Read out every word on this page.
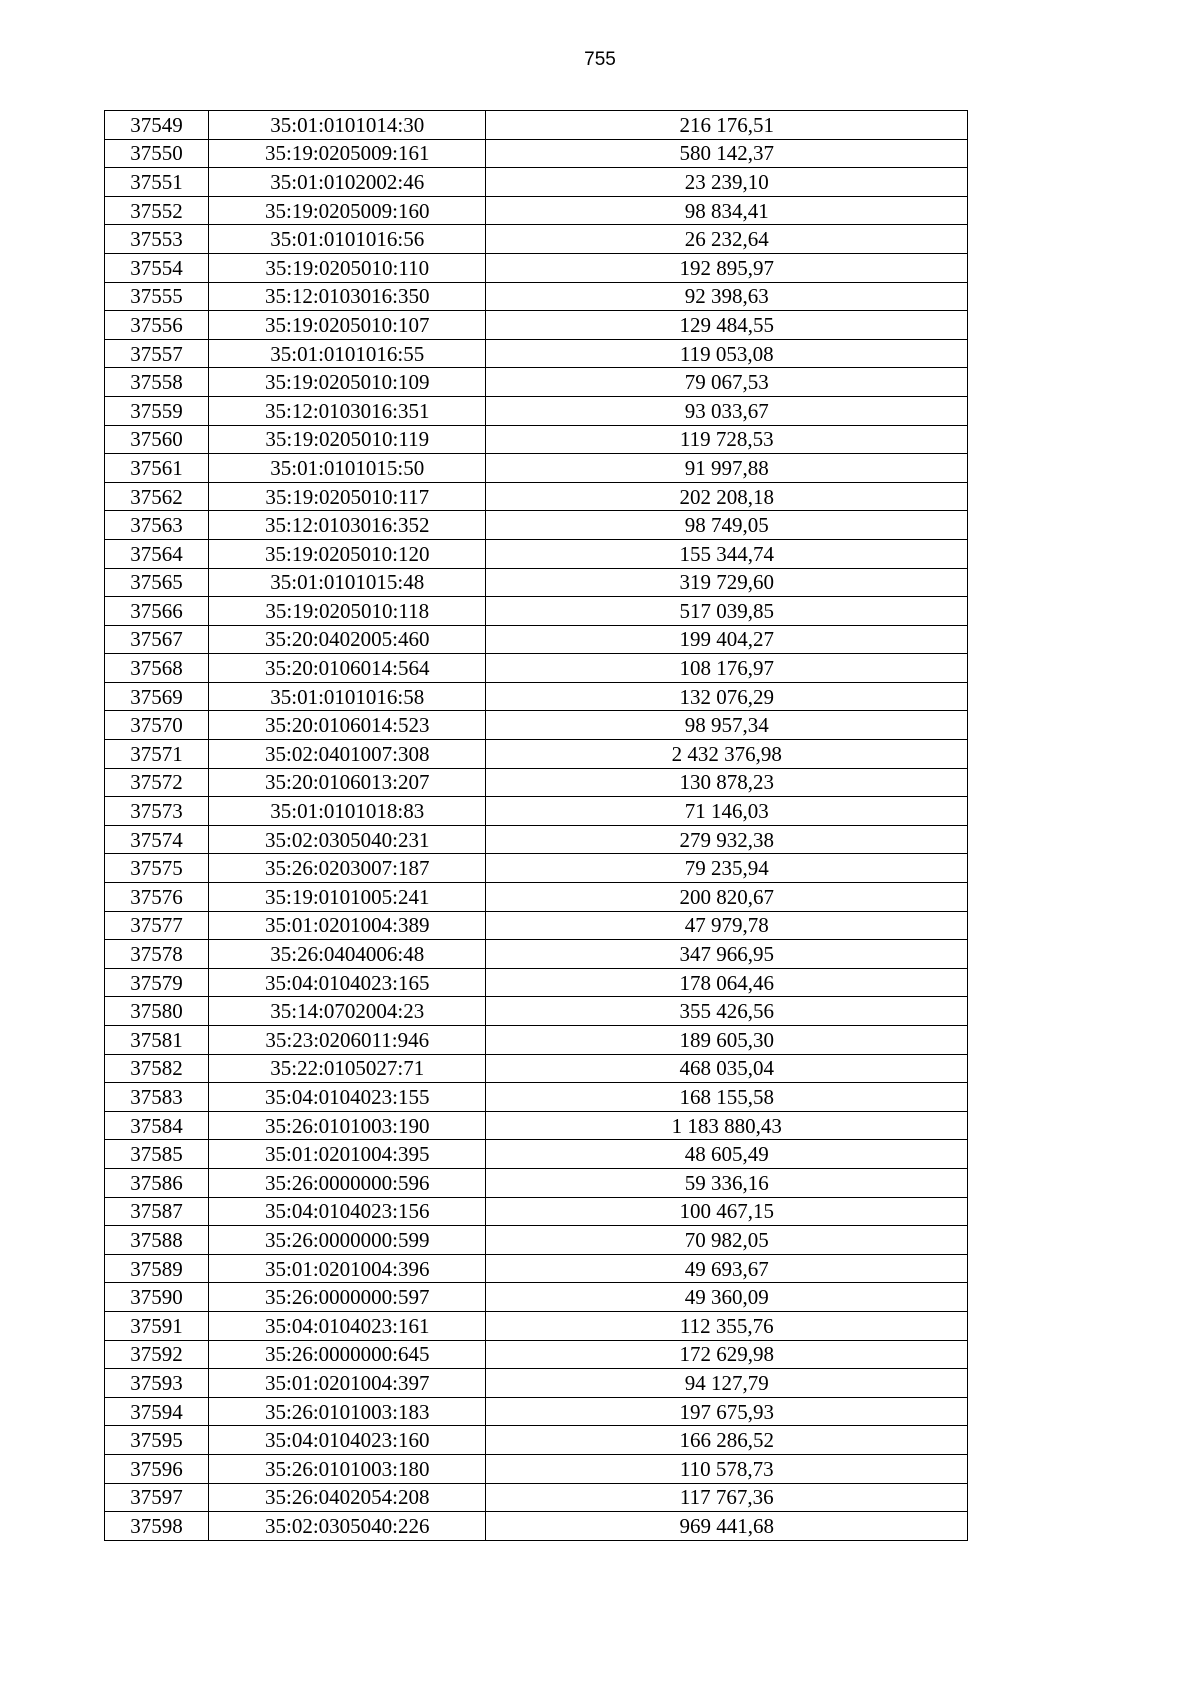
755
37549	35:01:0101014:30	216 176,51
37550	35:19:0205009:161	580 142,37
37551	35:01:0102002:46	23 239,10
37552	35:19:0205009:160	98 834,41
37553	35:01:0101016:56	26 232,64
37554	35:19:0205010:110	192 895,97
37555	35:12:0103016:350	92 398,63
37556	35:19:0205010:107	129 484,55
37557	35:01:0101016:55	119 053,08
37558	35:19:0205010:109	79 067,53
37559	35:12:0103016:351	93 033,67
37560	35:19:0205010:119	119 728,53
37561	35:01:0101015:50	91 997,88
37562	35:19:0205010:117	202 208,18
37563	35:12:0103016:352	98 749,05
37564	35:19:0205010:120	155 344,74
37565	35:01:0101015:48	319 729,60
37566	35:19:0205010:118	517 039,85
37567	35:20:0402005:460	199 404,27
37568	35:20:0106014:564	108 176,97
37569	35:01:0101016:58	132 076,29
37570	35:20:0106014:523	98 957,34
37571	35:02:0401007:308	2 432 376,98
37572	35:20:0106013:207	130 878,23
37573	35:01:0101018:83	71 146,03
37574	35:02:0305040:231	279 932,38
37575	35:26:0203007:187	79 235,94
37576	35:19:0101005:241	200 820,67
37577	35:01:0201004:389	47 979,78
37578	35:26:0404006:48	347 966,95
37579	35:04:0104023:165	178 064,46
37580	35:14:0702004:23	355 426,56
37581	35:23:0206011:946	189 605,30
37582	35:22:0105027:71	468 035,04
37583	35:04:0104023:155	168 155,58
37584	35:26:0101003:190	1 183 880,43
37585	35:01:0201004:395	48 605,49
37586	35:26:0000000:596	59 336,16
37587	35:04:0104023:156	100 467,15
37588	35:26:0000000:599	70 982,05
37589	35:01:0201004:396	49 693,67
37590	35:26:0000000:597	49 360,09
37591	35:04:0104023:161	112 355,76
37592	35:26:0000000:645	172 629,98
37593	35:01:0201004:397	94 127,79
37594	35:26:0101003:183	197 675,93
37595	35:04:0104023:160	166 286,52
37596	35:26:0101003:180	110 578,73
37597	35:26:0402054:208	117 767,36
37598	35:02:0305040:226	969 441,68
